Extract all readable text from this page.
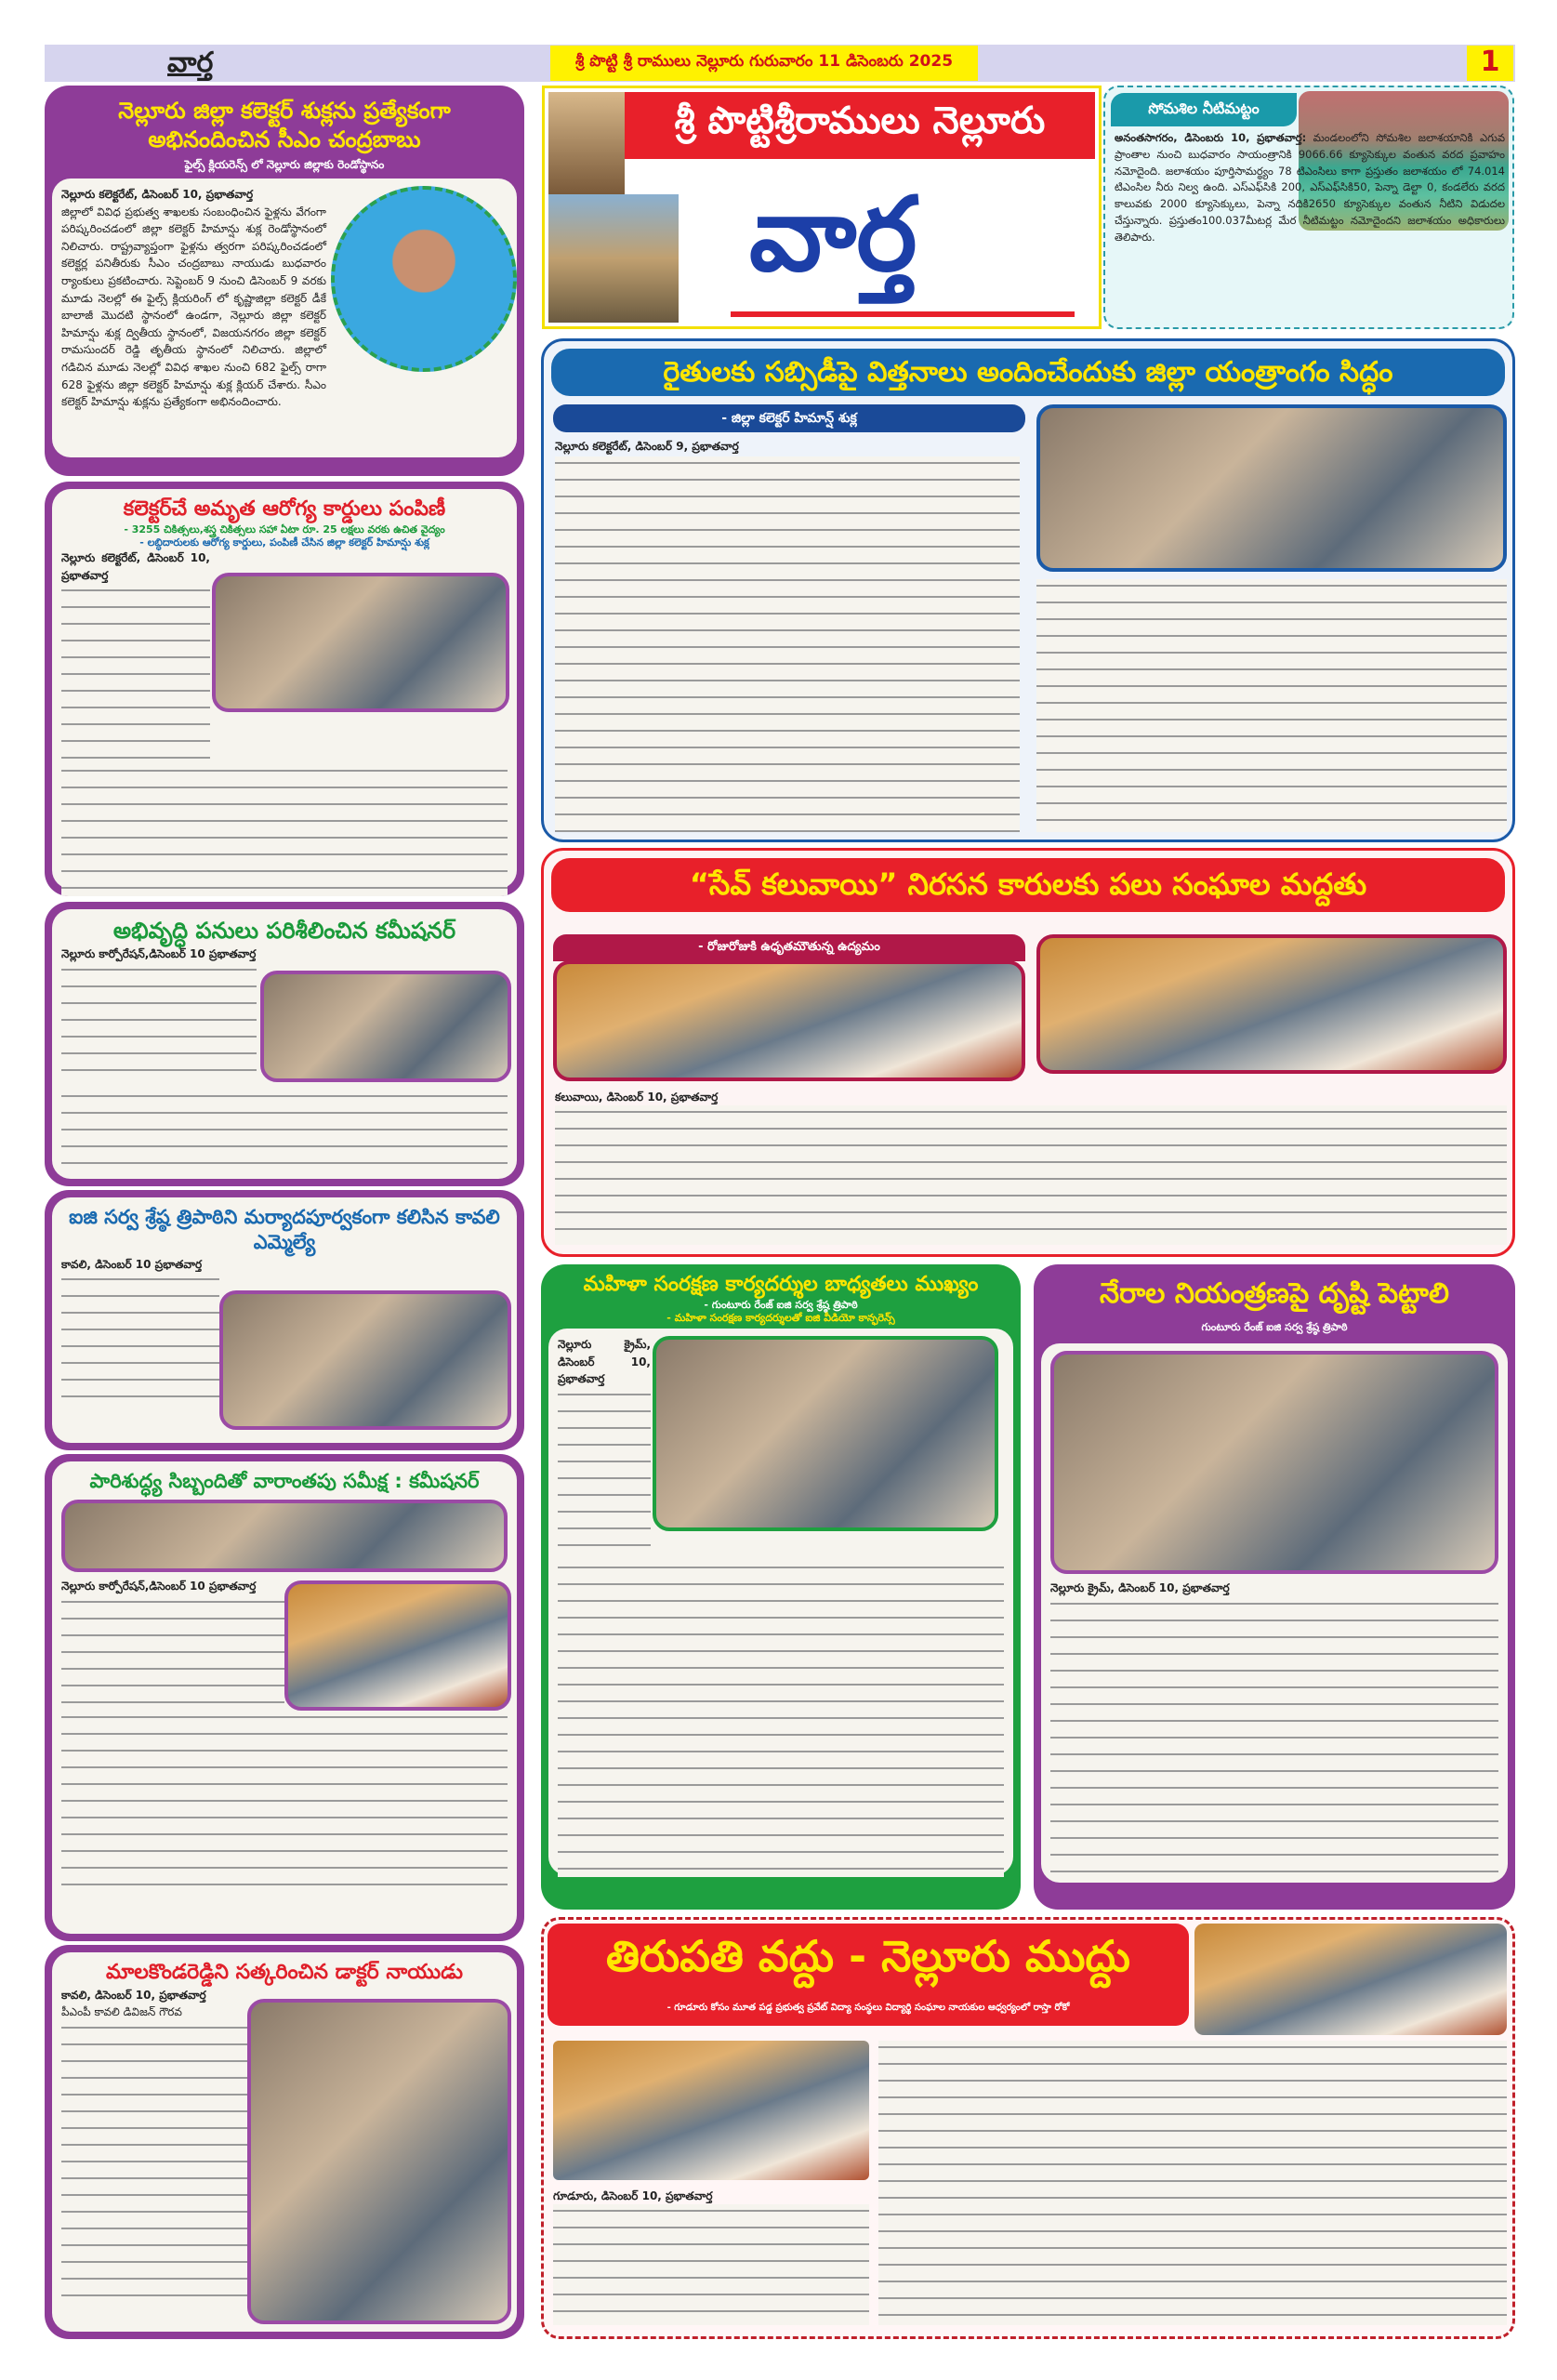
వార్త	శ్రీ పొట్టి శ్రీ రాములు నెల్లూరు గురువారం 11 డిసెంబరు 2025	1
శ్రీ పొట్టిశ్రీరాములు నెల్లూరు
వార్త
సోమశిల నీటిమట్టం
అనంతసాగరం, డిసెంబరు 10, ప్రభాతవార్త: మండలంలోని సోమశిల జలాశయానికి ఎగువ ప్రాంతాల నుంచి బుధవారం సాయంత్రానికి 9066.66 క్యూసెక్కుల వంతున వరద ప్రవాహం నమోదైంది. జలాశయం పూర్తిసామర్థ్యం 78 టిఎంసిలు కాగా ప్రస్తుతం జలాశయం లో 74.014 టిఎంసిల నీరు నిల్వ ఉంది. ఎస్ఎఫ్‌సికి 200, ఎస్ఎఫ్‌సికి50, పెన్నా డెల్టా 0, కండలేరు వరద కాలువకు 2000 క్యూసెక్కులు, పెన్నా నదికి2650 క్యూసెక్కుల వంతున నీటిని విడుదల చేస్తున్నారు. ప్రస్తుతం100.037మీటర్ల మేర నీటిమట్టం నమోదైందని జలాశయం అధికారులు తెలిపారు.
నెల్లూరు జిల్లా కలెక్టర్ శుక్లను ప్రత్యేకంగా అభినందించిన సీఎం చంద్రబాబు
ఫైల్స్ క్లియరెన్స్ లో నెల్లూరు జిల్లాకు రెండోస్థానం
నెల్లూరు కలెక్టరేట్, డిసెంబర్ 10, ప్రభాతవార్త
జిల్లాలో వివిధ ప్రభుత్వ శాఖలకు సంబంధించిన ఫైళ్లను వేగంగా పరిష్కరించడంలో జిల్లా కలెక్టర్ హిమాన్షు శుక్ల రెండోస్థానంలో నిలిచారు. రాష్ట్రవ్యాప్తంగా ఫైళ్లను త్వరగా పరిష్కరించడంలో కలెక్టర్ల పనితీరుకు సీఎం చంద్రబాబు నాయుడు బుధవారం ర్యాంకులు ప్రకటించారు. సెప్టెంబర్ 9 నుంచి డిసెంబర్ 9 వరకు మూడు నెలల్లో ఈ ఫైల్స్ క్లియరింగ్ లో కృష్ణాజిల్లా కలెక్టర్ డీకే బాలాజీ మొదటి స్థానంలో ఉండగా, నెల్లూరు జిల్లా కలెక్టర్ హిమాన్షు శుక్ల ద్వితీయ స్థానంలో, విజయనగరం జిల్లా కలెక్టర్ రామసుందర్ రెడ్డి తృతీయ స్థానంలో నిలిచారు. జిల్లాలో గడిచిన మూడు నెలల్లో వివిధ శాఖల నుంచి 682 ఫైల్స్ రాగా 628 ఫైళ్లను జిల్లా కలెక్టర్ హిమాన్షు శుక్ల క్లియర్ చేశారు. సీఎం కలెక్టర్ హిమాన్షు శుక్లను ప్రత్యేకంగా అభినందించారు.
కలెక్టర్‌చే అమృత ఆరోగ్య కార్డులు పంపిణీ
- 3255 చికిత్సలు,శస్త్ర చికిత్సలు సహా ఏటా రూ. 25 లక్షలు వరకు ఉచిత వైద్యం
- లబ్ధిదారులకు ఆరోగ్య కార్డులు, పంపిణీ చేసిన జిల్లా కలెక్టర్ హిమాన్షు శుక్ల
నెల్లూరు కలెక్టరేట్, డిసెంబర్ 10, ప్రభాతవార్త
అభివృద్ధి పనులు పరిశీలించిన కమీషనర్
నెల్లూరు కార్పోరేషన్,డిసెంబర్ 10 ప్రభాతవార్త
ఐజి సర్వ శ్రేష్ఠ త్రిపాఠిని మర్యాదపూర్వకంగా కలిసిన కావలి ఎమ్మెల్యే
కావలి, డిసెంబర్ 10 ప్రభాతవార్త
పారిశుద్ధ్య సిబ్బందితో వారాంతపు సమీక్ష : కమీషనర్
నెల్లూరు కార్పోరేషన్,డిసెంబర్ 10 ప్రభాతవార్త
మాలకొండరెడ్డిని సత్కరించిన డాక్టర్ నాయుడు
కావలి, డిసెంబర్ 10, ప్రభాతవార్త
పీఎంపీ కావలి డివిజన్ గౌరవ
రైతులకు సబ్సిడీపై విత్తనాలు అందించేందుకు జిల్లా యంత్రాంగం సిద్ధం
- జిల్లా కలెక్టర్ హిమాన్ష్ శుక్ల
నెల్లూరు కలెక్టరేట్, డిసెంబర్ 9, ప్రభాతవార్త
“సేవ్ కలువాయి” నిరసన కారులకు పలు సంఘాల మద్దతు
- రోజురోజుకి ఉధృతమౌతున్న ఉద్యమం
కలువాయి, డిసెంబర్ 10, ప్రభాతవార్త
మహిళా సంరక్షణ కార్యదర్శుల బాధ్యతలు ముఖ్యం
- గుంటూరు రేంజ్ ఐజి సర్వ శ్రేష్ఠ త్రిపాఠి
- మహిళా సంరక్షణ కార్యదర్శులతో ఐజి వీడియో కాన్ఫరెన్స్
నెల్లూరు క్రైమ్, డిసెంబర్ 10, ప్రభాతవార్త
నేరాల నియంత్రణపై దృష్టి పెట్టాలి
గుంటూరు రేంజ్ ఐజి సర్వ శ్రేష్ఠ త్రిపాఠి
నెల్లూరు క్రైమ్, డిసెంబర్ 10, ప్రభాతవార్త
తిరుపతి వద్దు - నెల్లూరు ముద్దు
- గూడూరు కోసం మూత పడ్డ ప్రభుత్వ ప్రవేట్ విద్యా సంస్థలు విద్యార్థి సంఘాల నాయకుల ఆధ్వర్యంలో రాస్తా రోకో
గూడూరు, డిసెంబర్ 10, ప్రభాతవార్త
